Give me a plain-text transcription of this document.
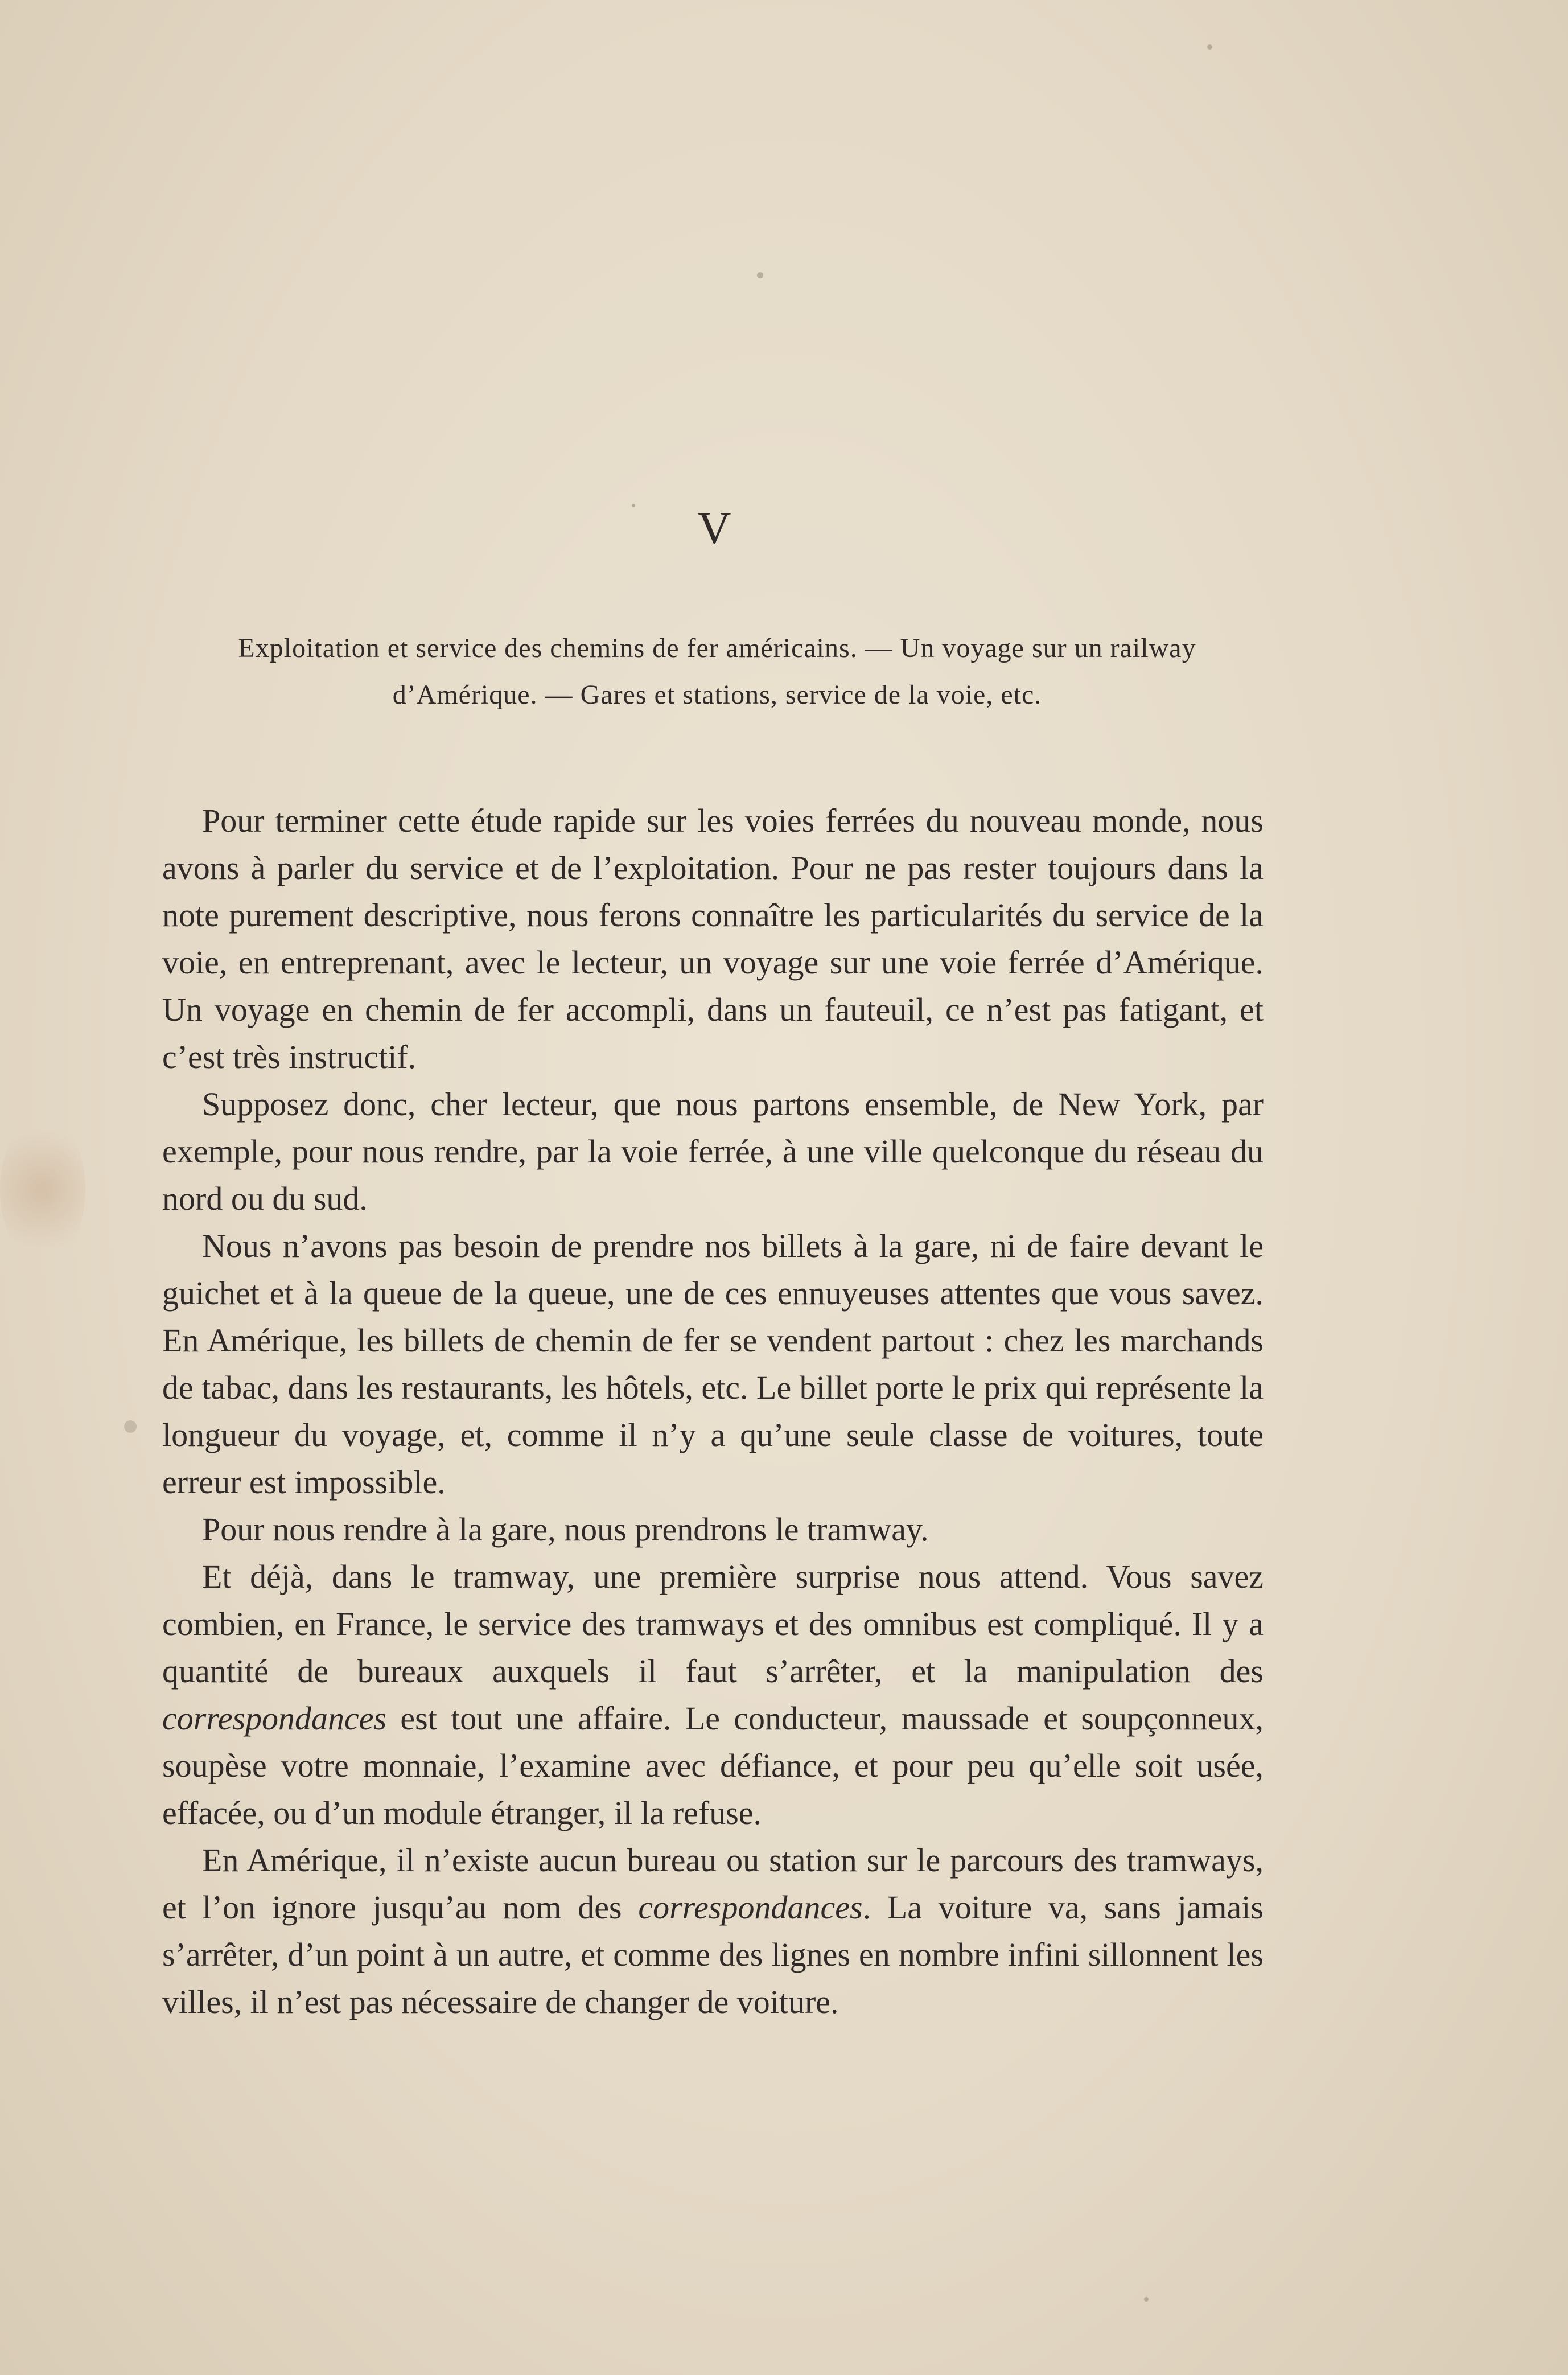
V

Exploitation et service des chemins de fer américains. — Un voyage sur un railway d’Amérique. — Gares et stations, service de la voie, etc.

Pour terminer cette étude rapide sur les voies ferrées du nouveau monde, nous avons à parler du service et de l’exploitation. Pour ne pas rester toujours dans la note purement descriptive, nous ferons connaître les particularités du service de la voie, en entreprenant, avec le lecteur, un voyage sur une voie ferrée d’Amérique. Un voyage en chemin de fer accompli, dans un fauteuil, ce n’est pas fatigant, et c’est très instructif.

Supposez donc, cher lecteur, que nous partons ensemble, de New York, par exemple, pour nous rendre, par la voie ferrée, à une ville quelconque du réseau du nord ou du sud.

Nous n’avons pas besoin de prendre nos billets à la gare, ni de faire devant le guichet et à la queue de la queue, une de ces ennuyeuses attentes que vous savez. En Amérique, les billets de chemin de fer se vendent partout : chez les marchands de tabac, dans les restaurants, les hôtels, etc. Le billet porte le prix qui représente la longueur du voyage, et, comme il n’y a qu’une seule classe de voitures, toute erreur est impossible.

Pour nous rendre à la gare, nous prendrons le tramway.

Et déjà, dans le tramway, une première surprise nous attend. Vous savez combien, en France, le service des tramways et des omnibus est compliqué. Il y a quantité de bureaux auxquels il faut s’arrêter, et la manipulation des correspondances est tout une affaire. Le conducteur, maussade et soupçonneux, soupèse votre monnaie, l’examine avec défiance, et pour peu qu’elle soit usée, effacée, ou d’un module étranger, il la refuse.

En Amérique, il n’existe aucun bureau ou station sur le parcours des tramways, et l’on ignore jusqu’au nom des correspondances. La voiture va, sans jamais s’arrêter, d’un point à un autre, et comme des lignes en nombre infini sillonnent les villes, il n’est pas nécessaire de changer de voiture.
